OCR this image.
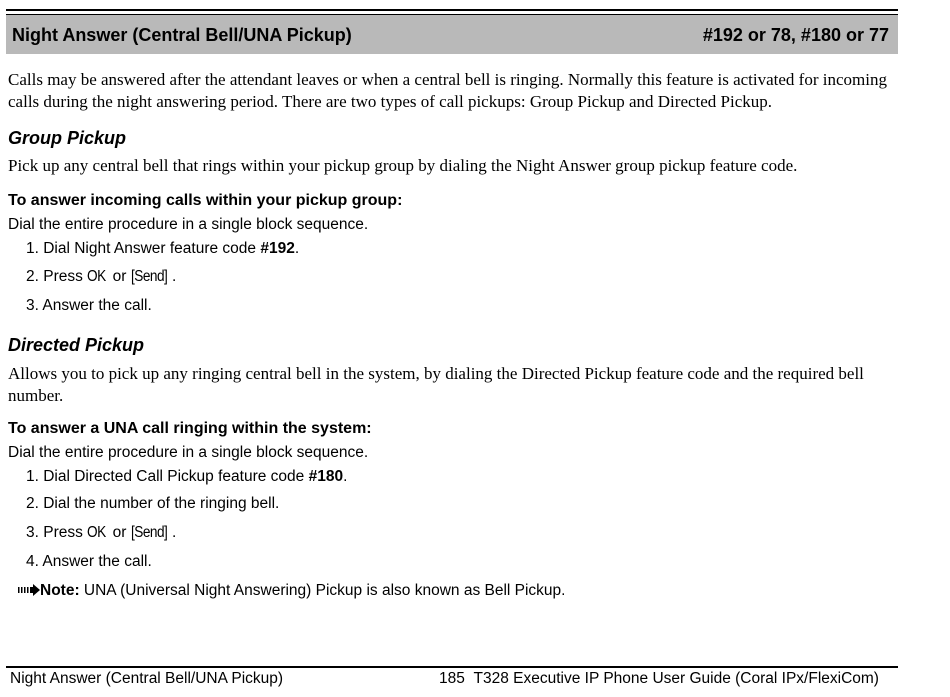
Night Answer (Central Bell/UNA Pickup)	#192 or 78, #180 or 77
Calls may be answered after the attendant leaves or when a central bell is ringing. Normally this feature is activated for incoming calls during the night answering period. There are two types of call pickups: Group Pickup and Directed Pickup.
Group Pickup
Pick up any central bell that rings within your pickup group by dialing the Night Answer group pickup feature code.
To answer incoming calls within your pickup group:
Dial the entire procedure in a single block sequence.
1. Dial Night Answer feature code #192.
2. Press OK or [Send] .
3. Answer the call.
Directed Pickup
Allows you to pick up any ringing central bell in the system, by dialing the Directed Pickup feature code and the required bell number.
To answer a UNA call ringing within the system:
Dial the entire procedure in a single block sequence.
1. Dial Directed Call Pickup feature code #180.
2. Dial the number of the ringing bell.
3. Press OK or [Send] .
4. Answer the call.
Note: UNA (Universal Night Answering) Pickup is also known as Bell Pickup.
Night Answer (Central Bell/UNA Pickup)	185 T328 Executive IP Phone User Guide (Coral IPx/FlexiCom)
